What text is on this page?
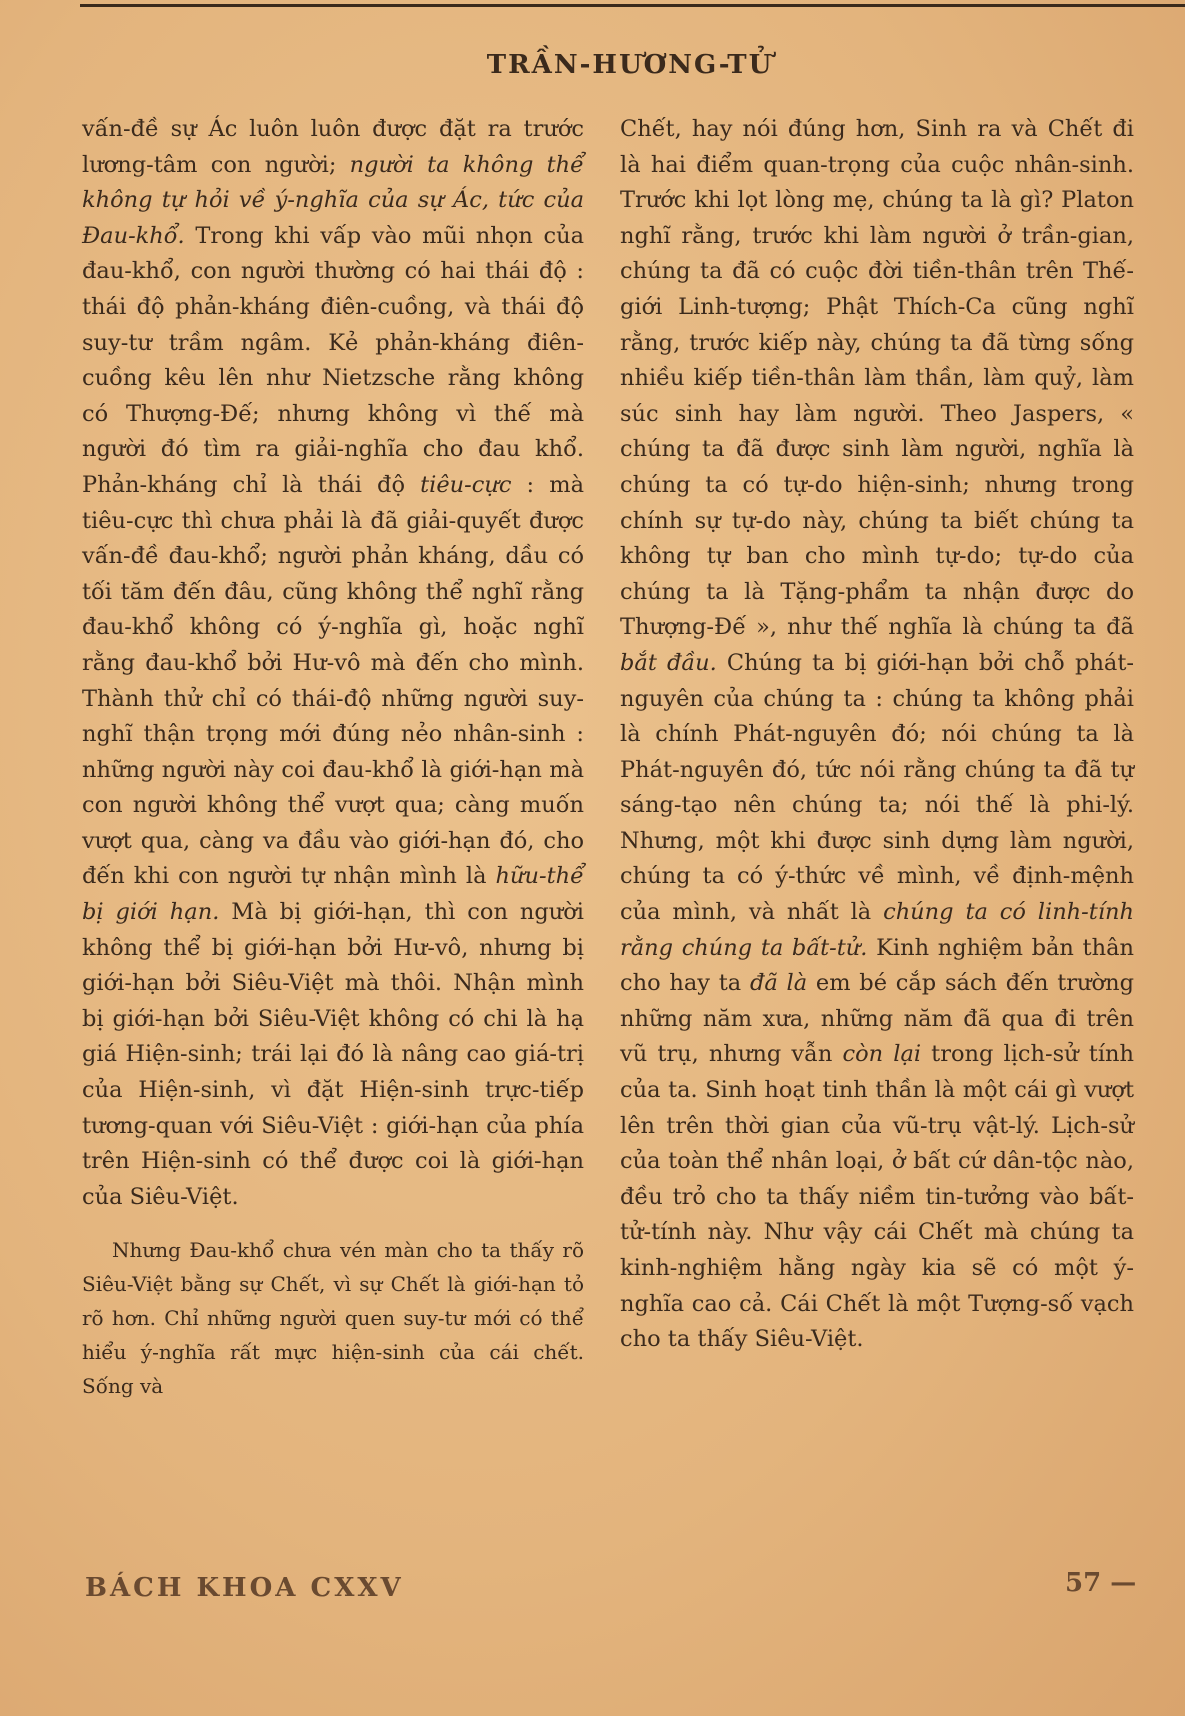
TRẦN-HƯƠNG-TỬ

vấn-đề sự Ác luôn luôn được đặt ra trước lương-tâm con người; người ta không thể không tự hỏi về ý-nghĩa của sự Ác, tức của Đau-khổ. Trong khi vấp vào mũi nhọn của đau-khổ, con người thường có hai thái độ : thái độ phản-kháng điên-cuồng, và thái độ suy-tư trầm ngâm. Kẻ phản-kháng điên-cuồng kêu lên như Nietzsche rằng không có Thượng-Đế; nhưng không vì thế mà người đó tìm ra giải-nghĩa cho đau khổ. Phản-kháng chỉ là thái độ tiêu-cực : mà tiêu-cực thì chưa phải là đã giải-quyết được vấn-đề đau-khổ; người phản kháng, dầu có tối tăm đến đâu, cũng không thể nghĩ rằng đau-khổ không có ý-nghĩa gì, hoặc nghĩ rằng đau-khổ bởi Hư-vô mà đến cho mình. Thành thử chỉ có thái-độ những người suy-nghĩ thận trọng mới đúng nẻo nhân-sinh : những người này coi đau-khổ là giới-hạn mà con người không thể vượt qua; càng muốn vượt qua, càng va đầu vào giới-hạn đó, cho đến khi con người tự nhận mình là hữu-thể bị giới hạn. Mà bị giới-hạn, thì con người không thể bị giới-hạn bởi Hư-vô, nhưng bị giới-hạn bởi Siêu-Việt mà thôi. Nhận mình bị giới-hạn bởi Siêu-Việt không có chi là hạ giá Hiện-sinh; trái lại đó là nâng cao giá-trị của Hiện-sinh, vì đặt Hiện-sinh trực-tiếp tương-quan với Siêu-Việt : giới-hạn của phía trên Hiện-sinh có thể được coi là giới-hạn của Siêu-Việt.

Nhưng Đau-khổ chưa vén màn cho ta thấy rõ Siêu-Việt bằng sự Chết, vì sự Chết là giới-hạn tỏ rõ hơn. Chỉ những người quen suy-tư mới có thể hiểu ý-nghĩa rất mực hiện-sinh của cái chết. Sống và

Chết, hay nói đúng hơn, Sinh ra và Chết đi là hai điểm quan-trọng của cuộc nhân-sinh. Trước khi lọt lòng mẹ, chúng ta là gì? Platon nghĩ rằng, trước khi làm người ở trần-gian, chúng ta đã có cuộc đời tiền-thân trên Thế-giới Linh-tượng; Phật Thích-Ca cũng nghĩ rằng, trước kiếp này, chúng ta đã từng sống nhiều kiếp tiền-thân làm thần, làm quỷ, làm súc sinh hay làm người. Theo Jaspers, « chúng ta đã được sinh làm người, nghĩa là chúng ta có tự-do hiện-sinh; nhưng trong chính sự tự-do này, chúng ta biết chúng ta không tự ban cho mình tự-do; tự-do của chúng ta là Tặng-phẩm ta nhận được do Thượng-Đế », như thế nghĩa là chúng ta đã bắt đầu. Chúng ta bị giới-hạn bởi chỗ phát-nguyên của chúng ta : chúng ta không phải là chính Phát-nguyên đó; nói chúng ta là Phát-nguyên đó, tức nói rằng chúng ta đã tự sáng-tạo nên chúng ta; nói thế là phi-lý. Nhưng, một khi được sinh dựng làm người, chúng ta có ý-thức về mình, về định-mệnh của mình, và nhất là chúng ta có linh-tính rằng chúng ta bất-tử. Kinh nghiệm bản thân cho hay ta đã là em bé cắp sách đến trường những năm xưa, những năm đã qua đi trên vũ trụ, nhưng vẫn còn lại trong lịch-sử tính của ta. Sinh hoạt tinh thần là một cái gì vượt lên trên thời gian của vũ-trụ vật-lý. Lịch-sử của toàn thể nhân loại, ở bất cứ dân-tộc nào, đều trỏ cho ta thấy niềm tin-tưởng vào bất-tử-tính này. Như vậy cái Chết mà chúng ta kinh-nghiệm hằng ngày kia sẽ có một ý-nghĩa cao cả. Cái Chết là một Tượng-số vạch cho ta thấy Siêu-Việt.

BÁCH KHOA CXXV	57 —
